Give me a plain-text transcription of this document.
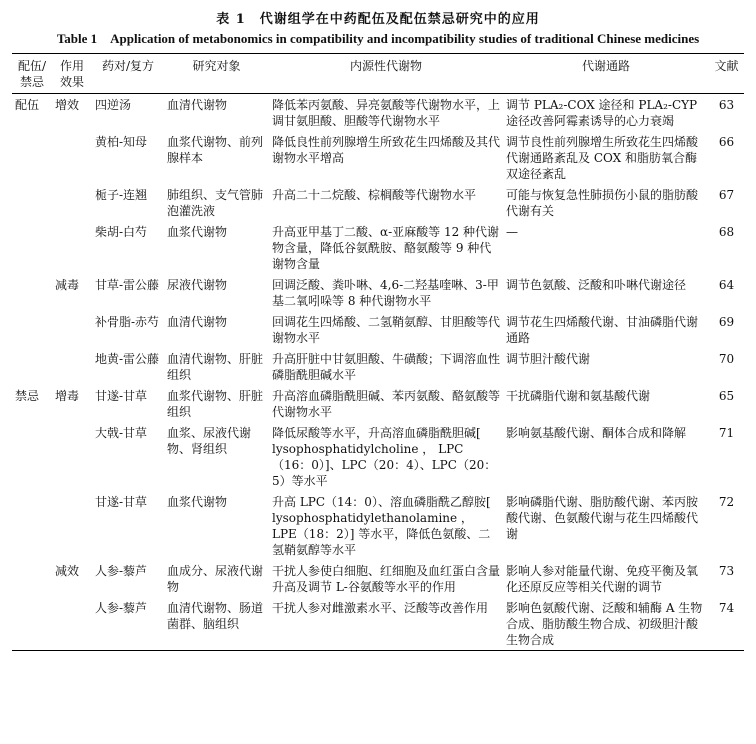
表 1　代谢组学在中药配伍及配伍禁忌研究中的应用
Table 1　Application of metabonomics in compatibility and incompatibility studies of traditional Chinese medicines
配伍/禁忌	作用效果	药对/复方	研究对象	内源性代谢物	代谢通路	文献
配伍	增效	四逆汤	血清代谢物	降低苯丙氨酸、异亮氨酸等代谢物水平，上调甘氨胆酸、胆酸等代谢物水平	调节 PLA₂-COX 途径和 PLA₂-CYP 途径改善阿霉素诱导的心力衰竭	63
		黄柏-知母	血浆代谢物、前列腺样本	降低良性前列腺增生所致花生四烯酸及其代谢物水平增高	调节良性前列腺增生所致花生四烯酸代谢通路紊乱及 COX 和脂肪氧合酶双途径紊乱	66
		栀子-连翘	肺组织、支气管肺泡灌洗液	升高二十二烷酸、棕榈酸等代谢物水平	可能与恢复急性肺损伤小鼠的脂肪酸代谢有关	67
		柴胡-白芍	血浆代谢物	升高亚甲基丁二酸、α-亚麻酸等 12 种代谢物含量，降低谷氨酰胺、酪氨酸等 9 种代谢物含量	—	68
	减毒	甘草-雷公藤	尿液代谢物	回调泛酸、粪卟啉、4,6-二羟基喹啉、3-甲基二氧吲哚等 8 种代谢物水平	调节色氨酸、泛酸和卟啉代谢途径	64
		补骨脂-赤芍	血清代谢物	回调花生四烯酸、二氢鞘氨醇、甘胆酸等代谢物水平	调节花生四烯酸代谢、甘油磷脂代谢通路	69
		地黄-雷公藤	血清代谢物、肝脏组织	升高肝脏中甘氨胆酸、牛磺酸；下调溶血性磷脂酰胆碱水平	调节胆汁酸代谢	70
禁忌	增毒	甘遂-甘草	血浆代谢物、肝脏组织	升高溶血磷脂酰胆碱、苯丙氨酸、酪氨酸等代谢物水平	干扰磷脂代谢和氨基酸代谢	65
		大戟-甘草	血浆、尿液代谢物、肾组织	降低尿酸等水平，升高溶血磷脂酰胆碱[ lysophosphatidylcholine ， LPC（16：0）]、LPC（20：4）、LPC（20：5）等水平	影响氨基酸代谢、酮体合成和降解	71
		甘遂-甘草	血浆代谢物	升高 LPC（14：0）、溶血磷脂酰乙醇胺[ lysophosphatidylethanolamine ， LPE（18：2）] 等水平，降低色氨酸、二氢鞘氨醇等水平	影响磷脂代谢、脂肪酸代谢、苯丙胺酸代谢、色氨酸代谢与花生四烯酸代谢	72
	减效	人参-藜芦	血成分、尿液代谢物	干扰人参使白细胞、红细胞及血红蛋白含量升高及调节 L-谷氨酸等水平的作用	影响人参对能量代谢、免疫平衡及氧化还原反应等相关代谢的调节	73
		人参-藜芦	血清代谢物、肠道菌群、脑组织	干扰人参对雌激素水平、泛酸等改善作用	影响色氨酸代谢、泛酸和辅酶 A 生物合成、脂肪酸生物合成、初级胆汁酸生物合成	74
